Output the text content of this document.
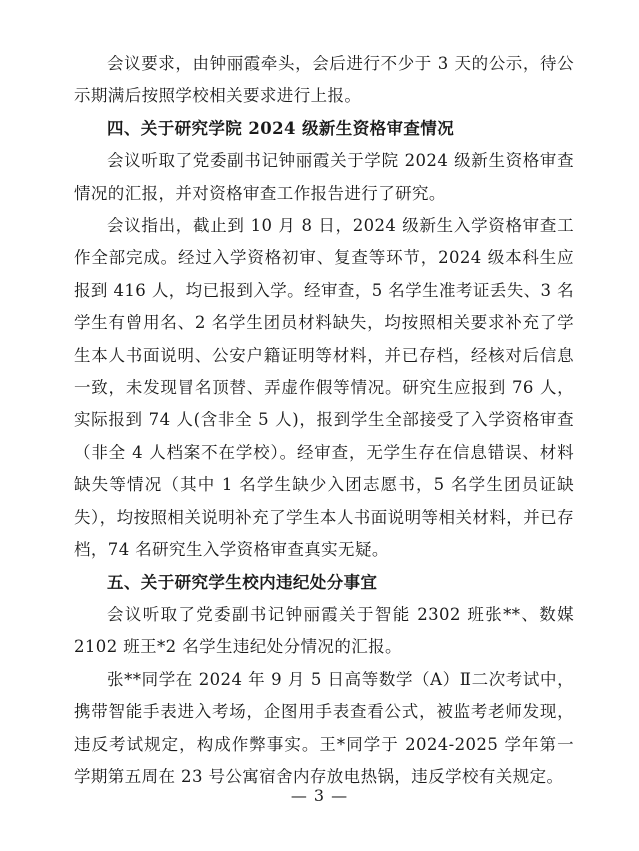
会议要求，由钟丽霞牵头，会后进行不少于 3 天的公示，待公示期满后按照学校相关要求进行上报。

四、关于研究学院 2024 级新生资格审查情况

会议听取了党委副书记钟丽霞关于学院 2024 级新生资格审查情况的汇报，并对资格审查工作报告进行了研究。

会议指出，截止到 10 月 8 日，2024 级新生入学资格审查工作全部完成。经过入学资格初审、复查等环节，2024 级本科生应报到 416 人，均已报到入学。经审查，5 名学生准考证丢失、3 名学生有曾用名、2 名学生团员材料缺失，均按照相关要求补充了学生本人书面说明、公安户籍证明等材料，并已存档，经核对后信息一致，未发现冒名顶替、弄虚作假等情况。研究生应报到 76 人，实际报到 74 人(含非全 5 人)，报到学生全部接受了入学资格审查（非全 4 人档案不在学校）。经审查，无学生存在信息错误、材料缺失等情况（其中 1 名学生缺少入团志愿书，5 名学生团员证缺失），均按照相关说明补充了学生本人书面说明等相关材料，并已存档，74 名研究生入学资格审查真实无疑。

五、关于研究学生校内违纪处分事宜

会议听取了党委副书记钟丽霞关于智能 2302 班张**、数媒 2102 班王*2 名学生违纪处分情况的汇报。

张**同学在 2024 年 9 月 5 日高等数学（A）Ⅱ二次考试中，携带智能手表进入考场，企图用手表查看公式，被监考老师发现，违反考试规定，构成作弊事实。王*同学于 2024-2025 学年第一学期第五周在 23 号公寓宿舍内存放电热锅，违反学校有关规定。

— 3 —
